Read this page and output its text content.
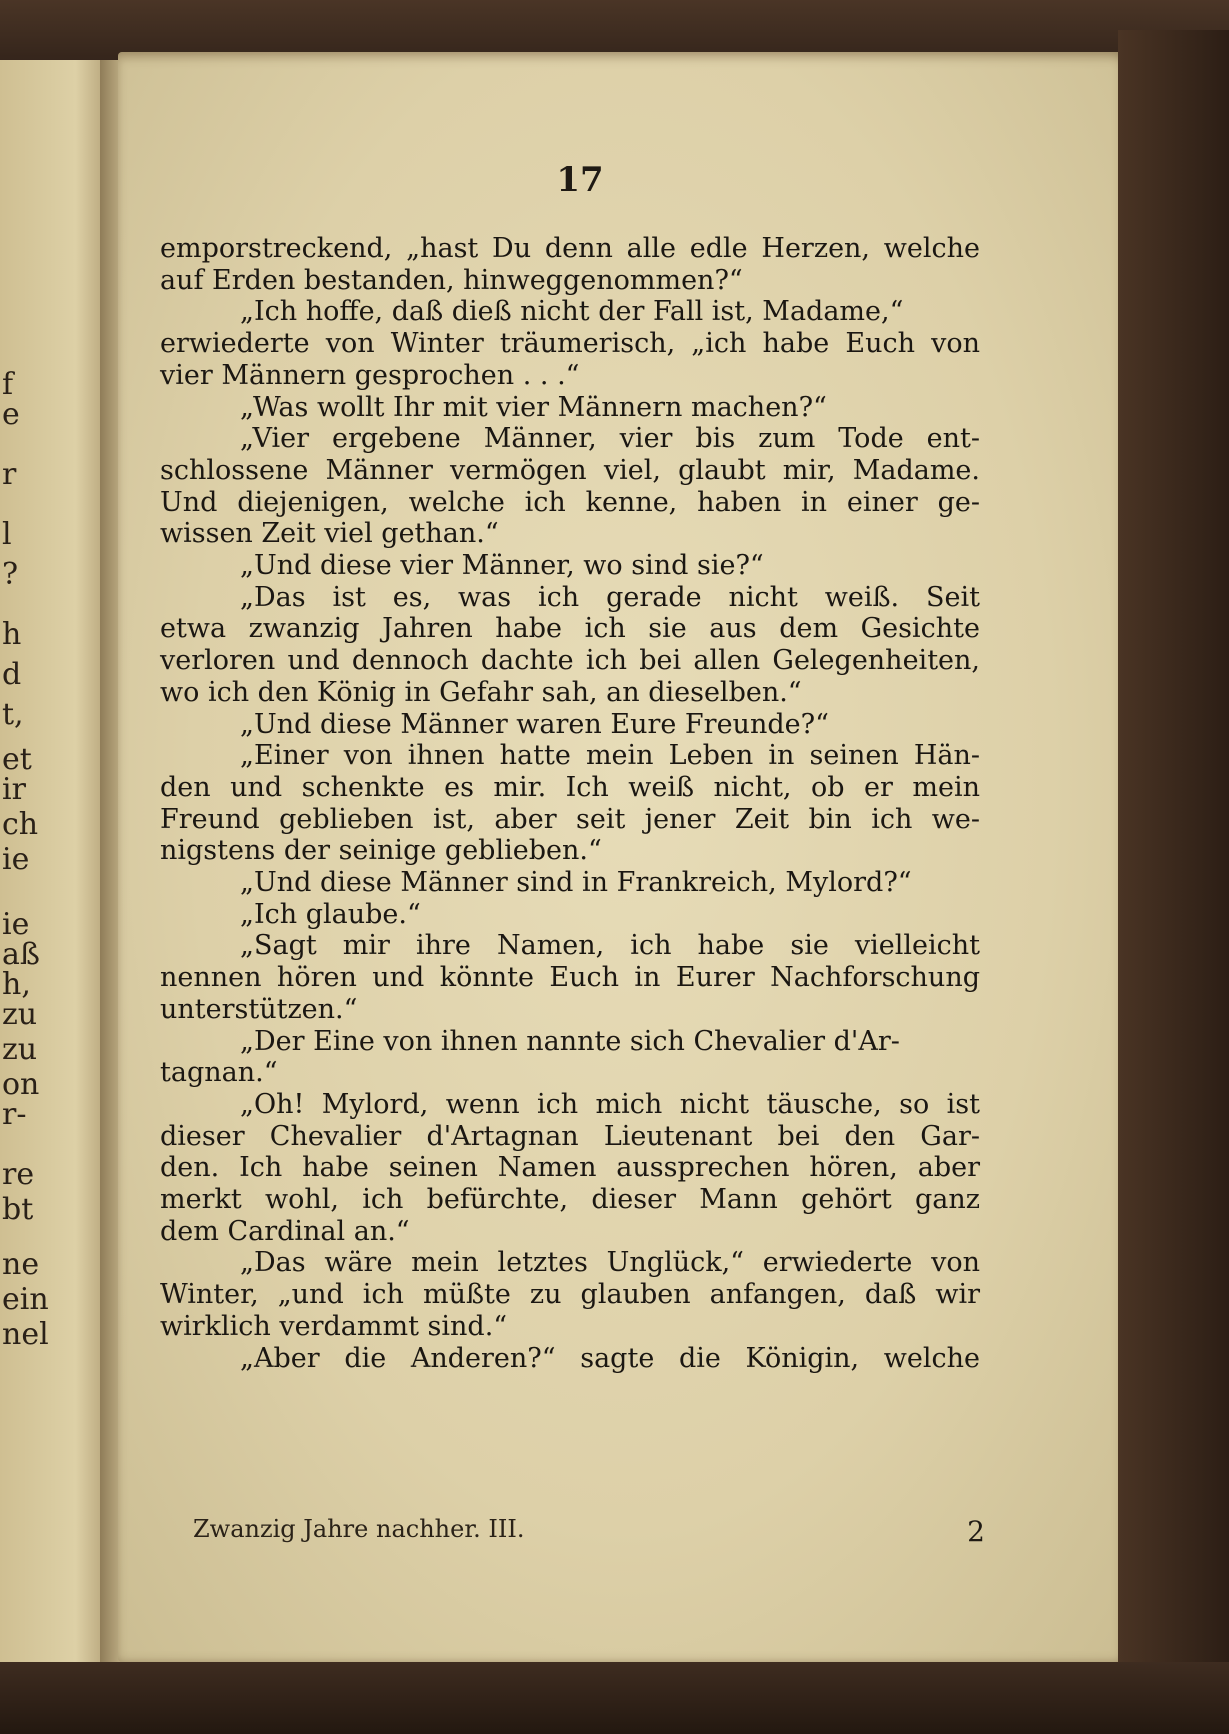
f
e
r
l
?
h
d
t,
et
ir
ch
ie
ie
aß
h,
zu
zu
on
r-
re
bt
ne
ein
nel
17
emporstreckend, „hast Du denn alle edle Herzen, welche
auf Erden bestanden, hinweggenommen?“
„Ich hoffe, daß dieß nicht der Fall ist, Madame,“
erwiederte von Winter träumerisch, „ich habe Euch von
vier Männern gesprochen . . .“
„Was wollt Ihr mit vier Männern machen?“
„Vier ergebene Männer, vier bis zum Tode ent-
schlossene Männer vermögen viel, glaubt mir, Madame.
Und diejenigen, welche ich kenne, haben in einer ge-
wissen Zeit viel gethan.“
„Und diese vier Männer, wo sind sie?“
„Das ist es, was ich gerade nicht weiß. Seit
etwa zwanzig Jahren habe ich sie aus dem Gesichte
verloren und dennoch dachte ich bei allen Gelegenheiten,
wo ich den König in Gefahr sah, an dieselben.“
„Und diese Männer waren Eure Freunde?“
„Einer von ihnen hatte mein Leben in seinen Hän-
den und schenkte es mir. Ich weiß nicht, ob er mein
Freund geblieben ist, aber seit jener Zeit bin ich we-
nigstens der seinige geblieben.“
„Und diese Männer sind in Frankreich, Mylord?“
„Ich glaube.“
„Sagt mir ihre Namen, ich habe sie vielleicht
nennen hören und könnte Euch in Eurer Nachforschung
unterstützen.“
„Der Eine von ihnen nannte sich Chevalier d'Ar-
tagnan.“
„Oh! Mylord, wenn ich mich nicht täusche, so ist
dieser Chevalier d'Artagnan Lieutenant bei den Gar-
den. Ich habe seinen Namen aussprechen hören, aber
merkt wohl, ich befürchte, dieser Mann gehört ganz
dem Cardinal an.“
„Das wäre mein letztes Unglück,“ erwiederte von
Winter, „und ich müßte zu glauben anfangen, daß wir
wirklich verdammt sind.“
„Aber die Anderen?“ sagte die Königin, welche
Zwanzig Jahre nachher. III.	2
